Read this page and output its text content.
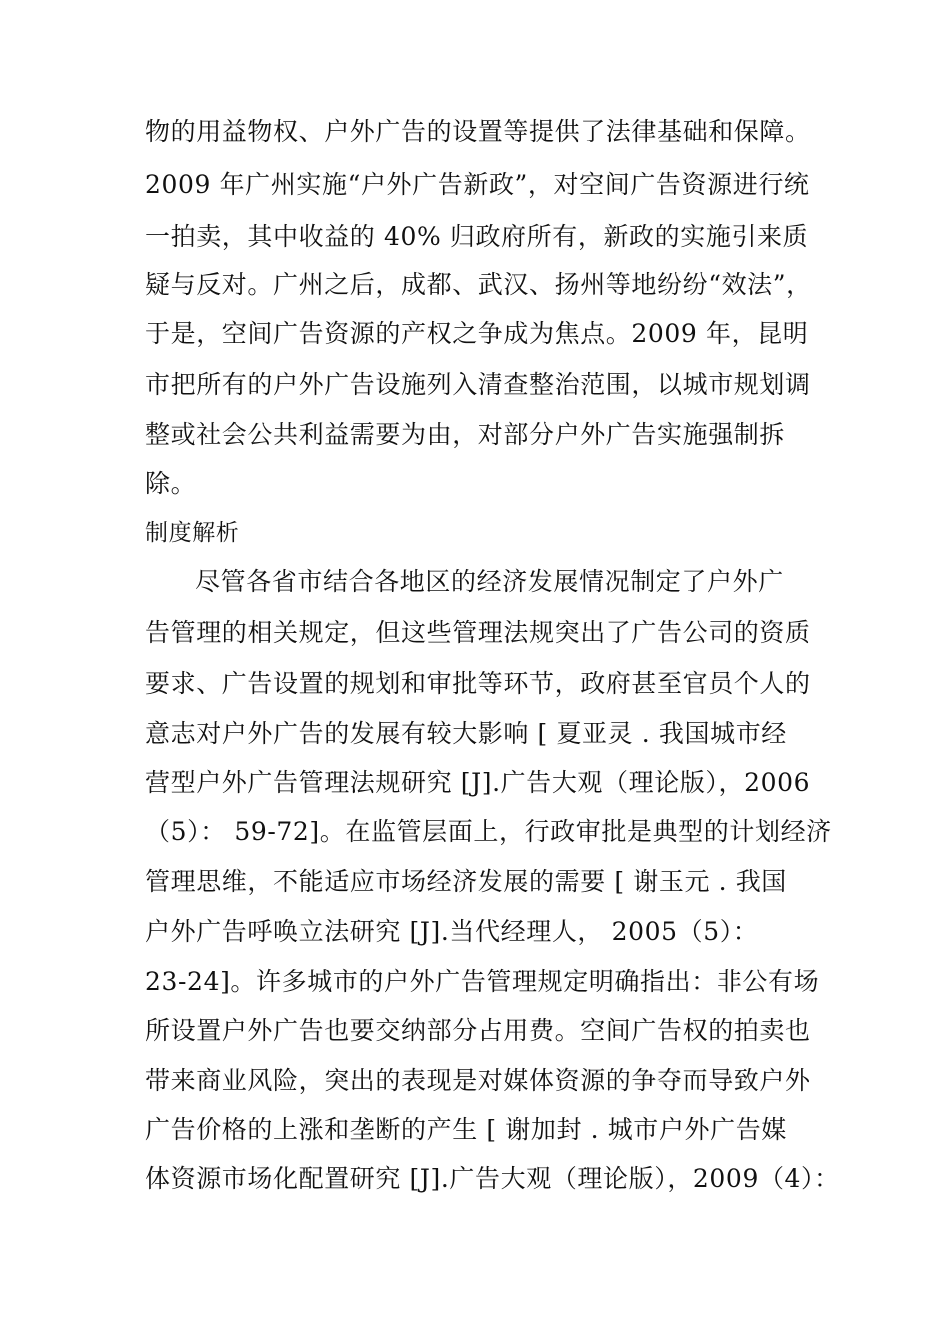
物的用益物权、户外广告的设置等提供了法律基础和保障。
2009 年广州实施“户外广告新政”，对空间广告资源进行统
一拍卖，其中收益的 40% 归政府所有，新政的实施引来质
疑与反对。广州之后，成都、武汉、扬州等地纷纷“效法”，
于是，空间广告资源的产权之争成为焦点。2009 年，昆明
市把所有的户外广告设施列入清查整治范围，以城市规划调
整或社会公共利益需要为由，对部分户外广告实施强制拆
除。
制度解析
尽管各省市结合各地区的经济发展情况制定了户外广
告管理的相关规定，但这些管理法规突出了广告公司的资质
要求、广告设置的规划和审批等环节，政府甚至官员个人的
意志对户外广告的发展有较大影响 [ 夏亚灵 . 我国城市经
营型户外广告管理法规研究 [J].广告大观（理论版），2006
（5）： 59-72]。在监管层面上，行政审批是典型的计划经济
管理思维，不能适应市场经济发展的需要 [ 谢玉元 . 我国
户外广告呼唤立法研究 [J].当代经理人， 2005（5）：
23-24]。许多城市的户外广告管理规定明确指出：非公有场
所设置户外广告也要交纳部分占用费。空间广告权的拍卖也
带来商业风险，突出的表现是对媒体资源的争夺而导致户外
广告价格的上涨和垄断的产生 [ 谢加封 . 城市户外广告媒
体资源市场化配置研究 [J].广告大观（理论版），2009（4）：
